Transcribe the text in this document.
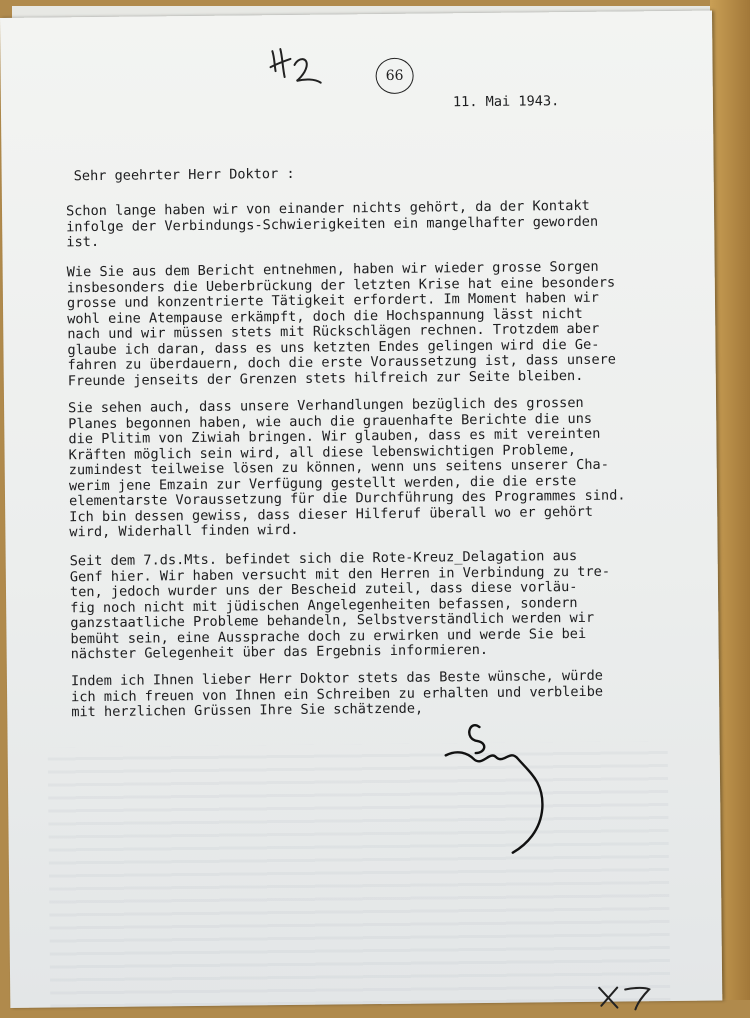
66
11. Mai 1943.
Sehr geehrter Herr Doktor :
Schon lange haben wir von einander nichts gehört, da der Kontakt
infolge der Verbindungs-Schwierigkeiten ein mangelhafter geworden
ist.
Wie Sie aus dem Bericht entnehmen, haben wir wieder grosse Sorgen
insbesonders die Ueberbrückung der letzten Krise hat eine besonders
grosse und konzentrierte Tätigkeit erfordert. Im Moment haben wir
wohl eine Atempause erkämpft, doch die Hochspannung lässt nicht
nach und wir müssen stets mit Rückschlägen rechnen. Trotzdem aber
glaube ich daran, dass es uns ketzten Endes gelingen wird die Ge-
fahren zu überdauern, doch die erste Voraussetzung ist, dass unsere
Freunde jenseits der Grenzen stets hilfreich zur Seite bleiben.
Sie sehen auch, dass unsere Verhandlungen bezüglich des grossen
Planes begonnen haben, wie auch die grauenhafte Berichte die uns
die Plitim von Ziwiah bringen. Wir glauben, dass es mit vereinten
Kräften möglich sein wird, all diese lebenswichtigen Probleme,
zumindest teilweise lösen zu können, wenn uns seitens unserer Cha-
werim jene Emzain zur Verfügung gestellt werden, die die erste
elementarste Voraussetzung für die Durchführung des Programmes sind.
Ich bin dessen gewiss, dass dieser Hilferuf überall wo er gehört
wird, Widerhall finden wird.
Seit dem 7.ds.Mts. befindet sich die Rote-Kreuz_Delagation aus
Genf hier. Wir haben versucht mit den Herren in Verbindung zu tre-
ten, jedoch wurder uns der Bescheid zuteil, dass diese vorläu-
fig noch nicht mit jüdischen Angelegenheiten befassen, sondern
ganzstaatliche Probleme behandeln, Selbstverständlich werden wir
bemüht sein, eine Aussprache doch zu erwirken und werde Sie bei
nächster Gelegenheit über das Ergebnis informieren.
Indem ich Ihnen lieber Herr Doktor stets das Beste wünsche, würde
ich mich freuen von Ihnen ein Schreiben zu erhalten und verbleibe
mit herzlichen Grüssen Ihre Sie schätzende,
